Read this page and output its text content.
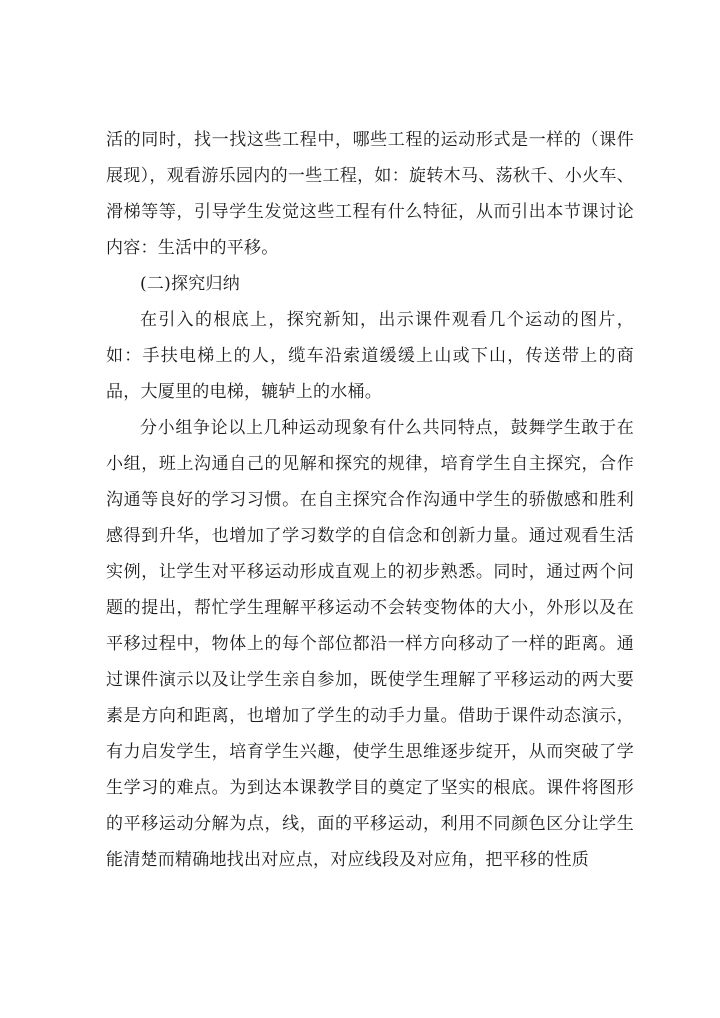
活的同时，找一找这些工程中，哪些工程的运动形式是一样的（课件展现），观看游乐园内的一些工程，如：旋转木马、荡秋千、小火车、滑梯等等，引导学生发觉这些工程有什么特征，从而引出本节课讨论内容：生活中的平移。

(二)探究归纳

在引入的根底上，探究新知，出示课件观看几个运动的图片，如：手扶电梯上的人，缆车沿索道缓缓上山或下山，传送带上的商品，大厦里的电梯，辘轳上的水桶。

分小组争论以上几种运动现象有什么共同特点，鼓舞学生敢于在小组，班上沟通自己的见解和探究的规律，培育学生自主探究，合作沟通等良好的学习习惯。在自主探究合作沟通中学生的骄傲感和胜利感得到升华，也增加了学习数学的自信念和创新力量。通过观看生活实例，让学生对平移运动形成直观上的初步熟悉。同时，通过两个问题的提出，帮忙学生理解平移运动不会转变物体的大小，外形以及在平移过程中，物体上的每个部位都沿一样方向移动了一样的距离。通过课件演示以及让学生亲自参加，既使学生理解了平移运动的两大要素是方向和距离，也增加了学生的动手力量。借助于课件动态演示，有力启发学生，培育学生兴趣，使学生思维逐步绽开，从而突破了学生学习的难点。为到达本课教学目的奠定了坚实的根底。课件将图形的平移运动分解为点，线，面的平移运动，利用不同颜色区分让学生能清楚而精确地找出对应点，对应线段及对应角，把平移的性质
